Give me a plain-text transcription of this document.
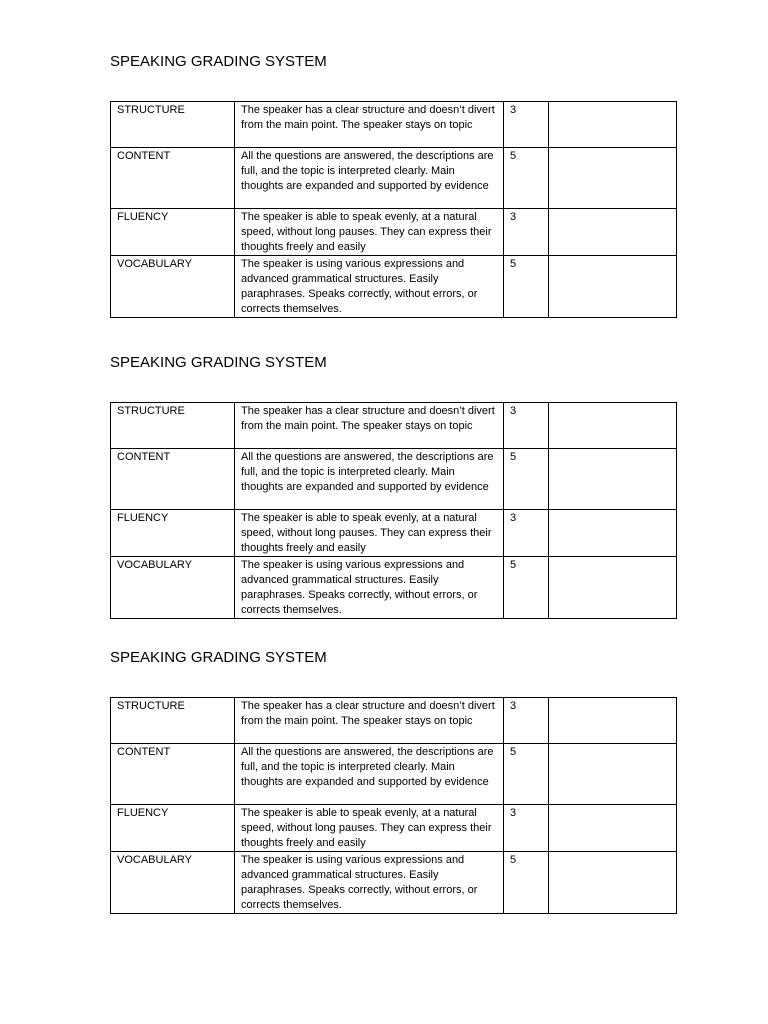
SPEAKING GRADING SYSTEM
STRUCTURE	The speaker has a clear structure and doesn’t divert from the main point. The speaker stays on topic	3	
CONTENT	All the questions are answered, the descriptions are full, and the topic is interpreted clearly. Main thoughts are expanded and supported by evidence	5	
FLUENCY	The speaker is able to speak evenly, at a natural speed, without long pauses. They can express their thoughts freely and easily	3	
VOCABULARY	The speaker is using various expressions and advanced grammatical structures. Easily paraphrases. Speaks correctly, without errors, or corrects themselves.	5	
SPEAKING GRADING SYSTEM
STRUCTURE	The speaker has a clear structure and doesn’t divert from the main point. The speaker stays on topic	3	
CONTENT	All the questions are answered, the descriptions are full, and the topic is interpreted clearly. Main thoughts are expanded and supported by evidence	5	
FLUENCY	The speaker is able to speak evenly, at a natural speed, without long pauses. They can express their thoughts freely and easily	3	
VOCABULARY	The speaker is using various expressions and advanced grammatical structures. Easily paraphrases. Speaks correctly, without errors, or corrects themselves.	5	
SPEAKING GRADING SYSTEM
STRUCTURE	The speaker has a clear structure and doesn’t divert from the main point. The speaker stays on topic	3	
CONTENT	All the questions are answered, the descriptions are full, and the topic is interpreted clearly. Main thoughts are expanded and supported by evidence	5	
FLUENCY	The speaker is able to speak evenly, at a natural speed, without long pauses. They can express their thoughts freely and easily	3	
VOCABULARY	The speaker is using various expressions and advanced grammatical structures. Easily paraphrases. Speaks correctly, without errors, or corrects themselves.	5	
